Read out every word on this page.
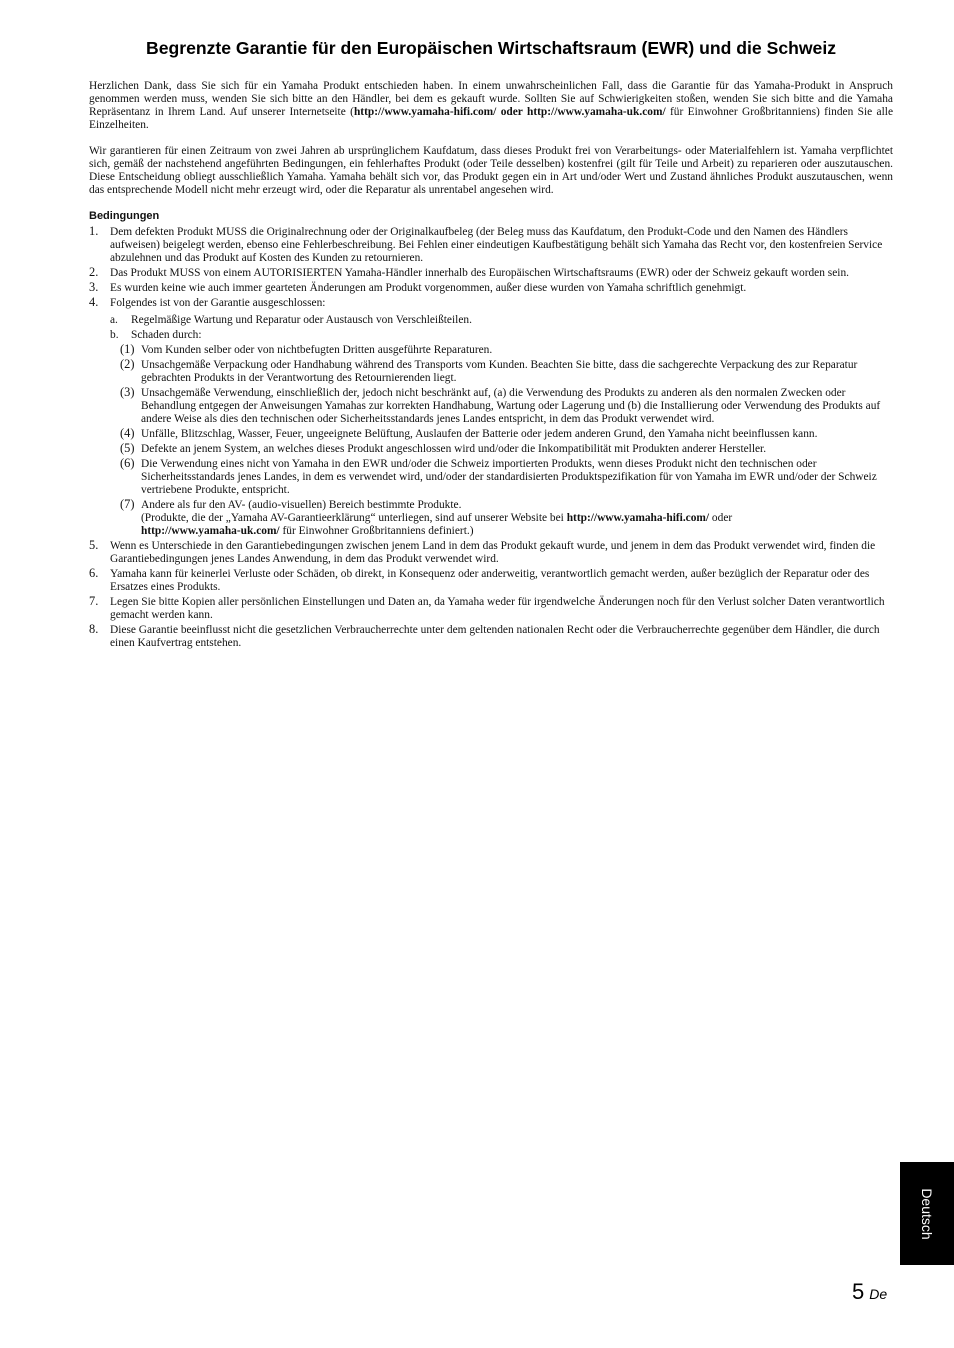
Begrenzte Garantie für den Europäischen Wirtschaftsraum (EWR) und die Schweiz

Herzlichen Dank, dass Sie sich für ein Yamaha Produkt entschieden haben. In einem unwahrscheinlichen Fall, dass die Garantie für das Yamaha-Produkt in Anspruch genommen werden muss, wenden Sie sich bitte an den Händler, bei dem es gekauft wurde. Sollten Sie auf Schwierigkeiten stoßen, wenden Sie sich bitte and die Yamaha Repräsentanz in Ihrem Land. Auf unserer Internetseite (http://www.yamaha-hifi.com/ oder http://www.yamaha-uk.com/ für Einwohner Großbritanniens) finden Sie alle Einzelheiten.

Wir garantieren für einen Zeitraum von zwei Jahren ab ursprünglichem Kaufdatum, dass dieses Produkt frei von Verarbeitungs- oder Materialfehlern ist. Yamaha verpflichtet sich, gemäß der nachstehend angeführten Bedingungen, ein fehlerhaftes Produkt (oder Teile desselben) kostenfrei (gilt für Teile und Arbeit) zu reparieren oder auszutauschen. Diese Entscheidung obliegt ausschließlich Yamaha. Yamaha behält sich vor, das Produkt gegen ein in Art und/oder Wert und Zustand ähnliches Produkt auszutauschen, wenn das entsprechende Modell nicht mehr erzeugt wird, oder die Reparatur als unrentabel angesehen wird.

Bedingungen
1. Dem defekten Produkt MUSS die Originalrechnung oder der Originalkaufbeleg (der Beleg muss das Kaufdatum, den Produkt-Code und den Namen des Händlers aufweisen) beigelegt werden, ebenso eine Fehlerbeschreibung. Bei Fehlen einer eindeutigen Kaufbestätigung behält sich Yamaha das Recht vor, den kostenfreien Service abzulehnen und das Produkt auf Kosten des Kunden zu retournieren.
2. Das Produkt MUSS von einem AUTORISIERTEN Yamaha-Händler innerhalb des Europäischen Wirtschaftsraums (EWR) oder der Schweiz gekauft worden sein.
3. Es wurden keine wie auch immer gearteten Änderungen am Produkt vorgenommen, außer diese wurden von Yamaha schriftlich genehmigt.
4. Folgendes ist von der Garantie ausgeschlossen:
a. Regelmäßige Wartung und Reparatur oder Austausch von Verschleißteilen.
b. Schaden durch:
(1) Vom Kunden selber oder von nichtbefugten Dritten ausgeführte Reparaturen.
(2) Unsachgemäße Verpackung oder Handhabung während des Transports vom Kunden. Beachten Sie bitte, dass die sachgerechte Verpackung des zur Reparatur gebrachten Produkts in der Verantwortung des Retournierenden liegt.
(3) Unsachgemäße Verwendung, einschließlich der, jedoch nicht beschränkt auf, (a) die Verwendung des Produkts zu anderen als den normalen Zwecken oder Behandlung entgegen der Anweisungen Yamahas zur korrekten Handhabung, Wartung oder Lagerung und (b) die Installierung oder Verwendung des Produkts auf andere Weise als dies den technischen oder Sicherheitsstandards jenes Landes entspricht, in dem das Produkt verwendet wird.
(4) Unfälle, Blitzschlag, Wasser, Feuer, ungeeignete Belüftung, Auslaufen der Batterie oder jedem anderen Grund, den Yamaha nicht beeinflussen kann.
(5) Defekte an jenem System, an welches dieses Produkt angeschlossen wird und/oder die Inkompatibilität mit Produkten anderer Hersteller.
(6) Die Verwendung eines nicht von Yamaha in den EWR und/oder die Schweiz importierten Produkts, wenn dieses Produkt nicht den technischen oder Sicherheitsstandards jenes Landes, in dem es verwendet wird, und/oder der standardisierten Produktspezifikation für von Yamaha im EWR und/oder der Schweiz vertriebene Produkte, entspricht.
(7) Andere als fur den AV- (audio-visuellen) Bereich bestimmte Produkte.
(Produkte, die der „Yamaha AV-Garantieerklärung“ unterliegen, sind auf unserer Website bei http://www.yamaha-hifi.com/ oder
http://www.yamaha-uk.com/ für Einwohner Großbritanniens definiert.)
5. Wenn es Unterschiede in den Garantiebedingungen zwischen jenem Land in dem das Produkt gekauft wurde, und jenem in dem das Produkt verwendet wird, finden die Garantiebedingungen jenes Landes Anwendung, in dem das Produkt verwendet wird.
6. Yamaha kann für keinerlei Verluste oder Schäden, ob direkt, in Konsequenz oder anderweitig, verantwortlich gemacht werden, außer bezüglich der Reparatur oder des Ersatzes eines Produkts.
7. Legen Sie bitte Kopien aller persönlichen Einstellungen und Daten an, da Yamaha weder für irgendwelche Änderungen noch für den Verlust solcher Daten verantwortlich gemacht werden kann.
8. Diese Garantie beeinflusst nicht die gesetzlichen Verbraucherrechte unter dem geltenden nationalen Recht oder die Verbraucherrechte gegenüber dem Händler, die durch einen Kaufvertrag entstehen.
Deutsch
5 De
